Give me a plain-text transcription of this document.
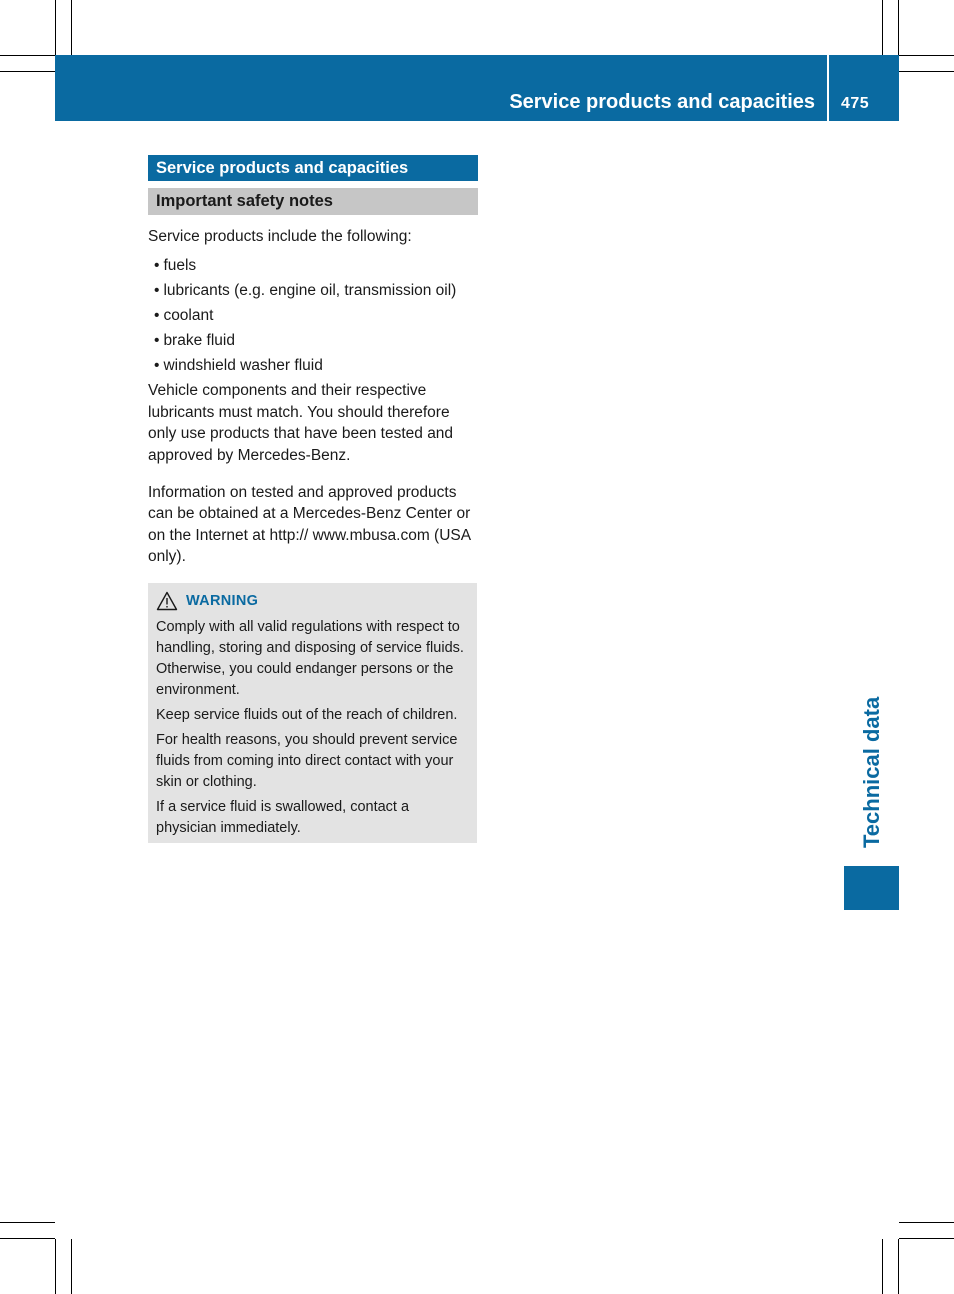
Service products and capacities 475
Technical data
Service products and capacities
Important safety notes
Service products include the following:
• fuels
• lubricants (e.g. engine oil, transmission oil)
• coolant
• brake fluid
• windshield washer fluid

Vehicle components and their respective lubricants must match. You should therefore only use products that have been tested and approved by Mercedes-Benz.

Information on tested and approved products can be obtained at a Mercedes-Benz Center or on the Internet at http:// www.mbusa.com (USA only).

WARNING

Comply with all valid regulations with respect to handling, storing and disposing of service fluids. Otherwise, you could endanger persons or the environment.

Keep service fluids out of the reach of children.

For health reasons, you should prevent service fluids from coming into direct contact with your skin or clothing.

If a service fluid is swallowed, contact a physician immediately.
